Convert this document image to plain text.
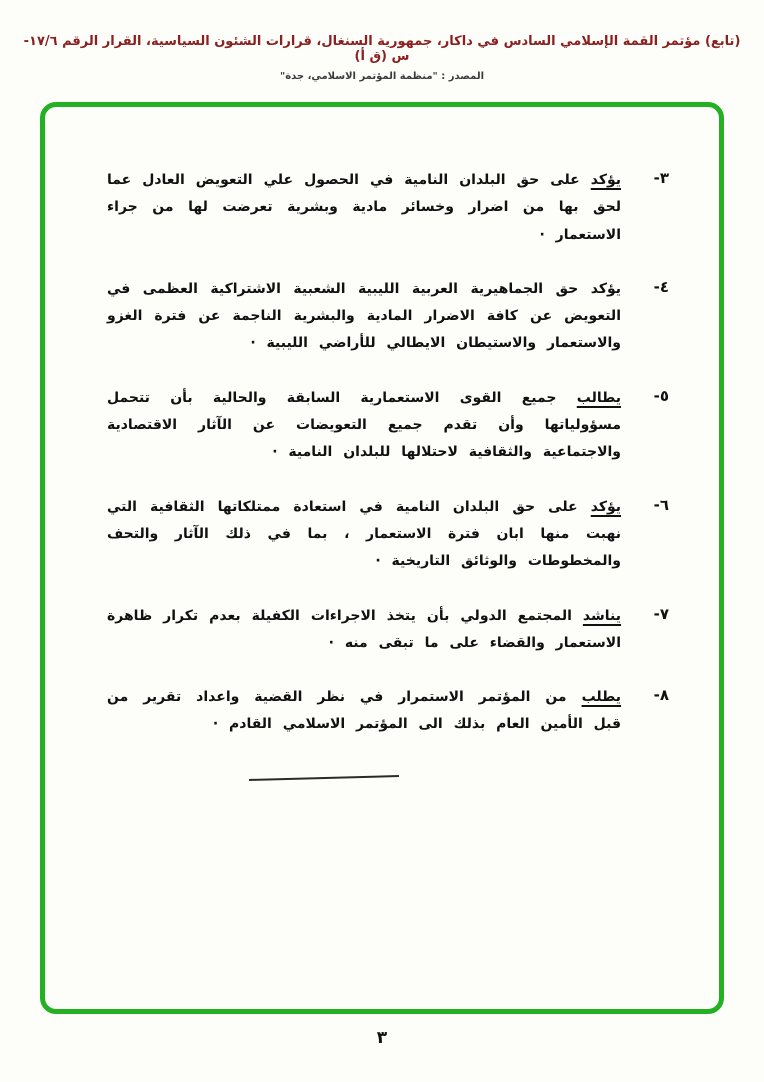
(تابع) مؤتمر القمة الإسلامي السادس في داكار، جمهورية السنغال، قرارات الشئون السياسية، القرار الرقم ١٧/٦-س (ق أ)
المصدر : "منظمة المؤتمر الاسلامي، جدة"
٣-
يؤكد على حق البلدان النامية في الحصول علي التعويض العادل عما لحق بها من اضرار وخسائر مادية وبشرية تعرضت لها من جراء الاستعمار ·
٤-
يؤكد حق الجماهيرية العربية الليبية الشعبية الاشتراكية العظمى في التعويض عن كافة الاضرار المادية والبشرية الناجمة عن فترة الغزو والاستعمار والاستيطان الايطالي للأراضي الليبية ·
٥-
يطالب جميع القوى الاستعمارية السابقة والحالية بأن تتحمل مسؤولياتها وأن تقدم جميع التعويضات عن الآثار الاقتصادية والاجتماعية والثقافية لاحتلالها للبلدان النامية ·
٦-
يؤكد على حق البلدان النامية في استعادة ممتلكاتها الثقافية التي نهبت منها ابان فترة الاستعمار ، بما في ذلك الآثار والتحف والمخطوطات والوثائق التاريخية ·
٧-
يناشد المجتمع الدولي بأن يتخذ الاجراءات الكفيلة بعدم تكرار ظاهرة الاستعمار والقضاء على ما تبقى منه ·
٨-
يطلب من المؤتمر الاستمرار في نظر القضية واعداد تقرير من قبل الأمين العام بذلك الى المؤتمر الاسلامي القادم ·
٣
